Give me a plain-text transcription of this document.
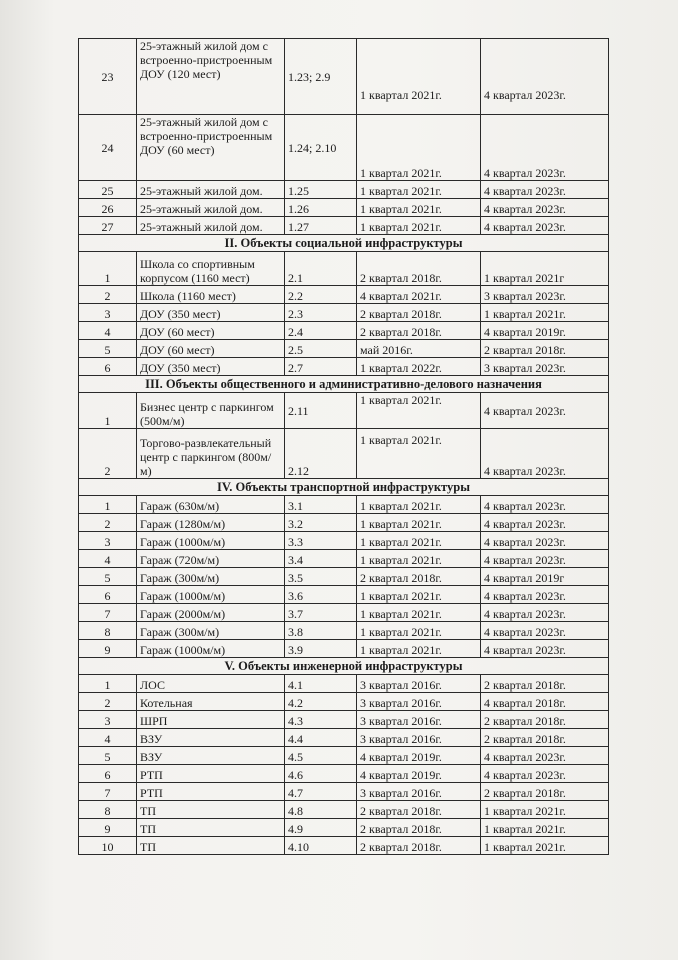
23	25-этажный жилой дом с встроенно-пристроенным ДОУ (120 мест)	1.23; 2.9	1 квартал 2021г.	4 квартал 2023г.
24	25-этажный жилой дом с встроенно-пристроенным ДОУ (60 мест)	1.24; 2.10	1 квартал 2021г.	4 квартал 2023г.
25	25-этажный жилой дом.	1.25	1 квартал 2021г.	4 квартал 2023г.
26	25-этажный жилой дом.	1.26	1 квартал 2021г.	4 квартал 2023г.
27	25-этажный жилой дом.	1.27	1 квартал 2021г.	4 квартал 2023г.
II. Объекты социальной инфраструктуры				
1	Школа со спортивным корпусом (1160 мест)	2.1	2 квартал 2018г.	1 квартал 2021г
2	Школа (1160 мест)	2.2	4 квартал 2021г.	3 квартал 2023г.
3	ДОУ (350 мест)	2.3	2 квартал 2018г.	1 квартал 2021г.
4	ДОУ (60 мест)	2.4	2 квартал 2018г.	4 квартал 2019г.
5	ДОУ (60 мест)	2.5	май 2016г.	2 квартал 2018г.
6	ДОУ (350 мест)	2.7	1 квартал 2022г.	3 квартал 2023г.
III. Объекты общественного и административно-делового назначения				
1	Бизнес центр с паркингом (500м/м)	2.11	1 квартал 2021г.	4 квартал 2023г.
2	Торгово-развлекательный центр с паркингом (800м/м)	2.12	1 квартал 2021г.	4 квартал 2023г.
IV. Объекты транспортной инфраструктуры				
1	Гараж (630м/м)	3.1	1 квартал 2021г.	4 квартал 2023г.
2	Гараж (1280м/м)	3.2	1 квартал 2021г.	4 квартал 2023г.
3	Гараж (1000м/м)	3.3	1 квартал 2021г.	4 квартал 2023г.
4	Гараж (720м/м)	3.4	1 квартал 2021г.	4 квартал 2023г.
5	Гараж (300м/м)	3.5	2 квартал 2018г.	4 квартал 2019г
6	Гараж (1000м/м)	3.6	1 квартал 2021г.	4 квартал 2023г.
7	Гараж (2000м/м)	3.7	1 квартал 2021г.	4 квартал 2023г.
8	Гараж (300м/м)	3.8	1 квартал 2021г.	4 квартал 2023г.
9	Гараж (1000м/м)	3.9	1 квартал 2021г.	4 квартал 2023г.
V. Объекты инженерной инфраструктуры				
1	ЛОС	4.1	3 квартал 2016г.	2 квартал 2018г.
2	Котельная	4.2	3 квартал 2016г.	4 квартал 2018г.
3	ШРП	4.3	3 квартал 2016г.	2 квартал 2018г.
4	ВЗУ	4.4	3 квартал 2016г.	2 квартал 2018г.
5	ВЗУ	4.5	4 квартал 2019г.	4 квартал 2023г.
6	РТП	4.6	4 квартал 2019г.	4 квартал 2023г.
7	РТП	4.7	3 квартал 2016г.	2 квартал 2018г.
8	ТП	4.8	2 квартал 2018г.	1 квартал 2021г.
9	ТП	4.9	2 квартал 2018г.	1 квартал 2021г.
10	ТП	4.10	2 квартал 2018г.	1 квартал 2021г.
